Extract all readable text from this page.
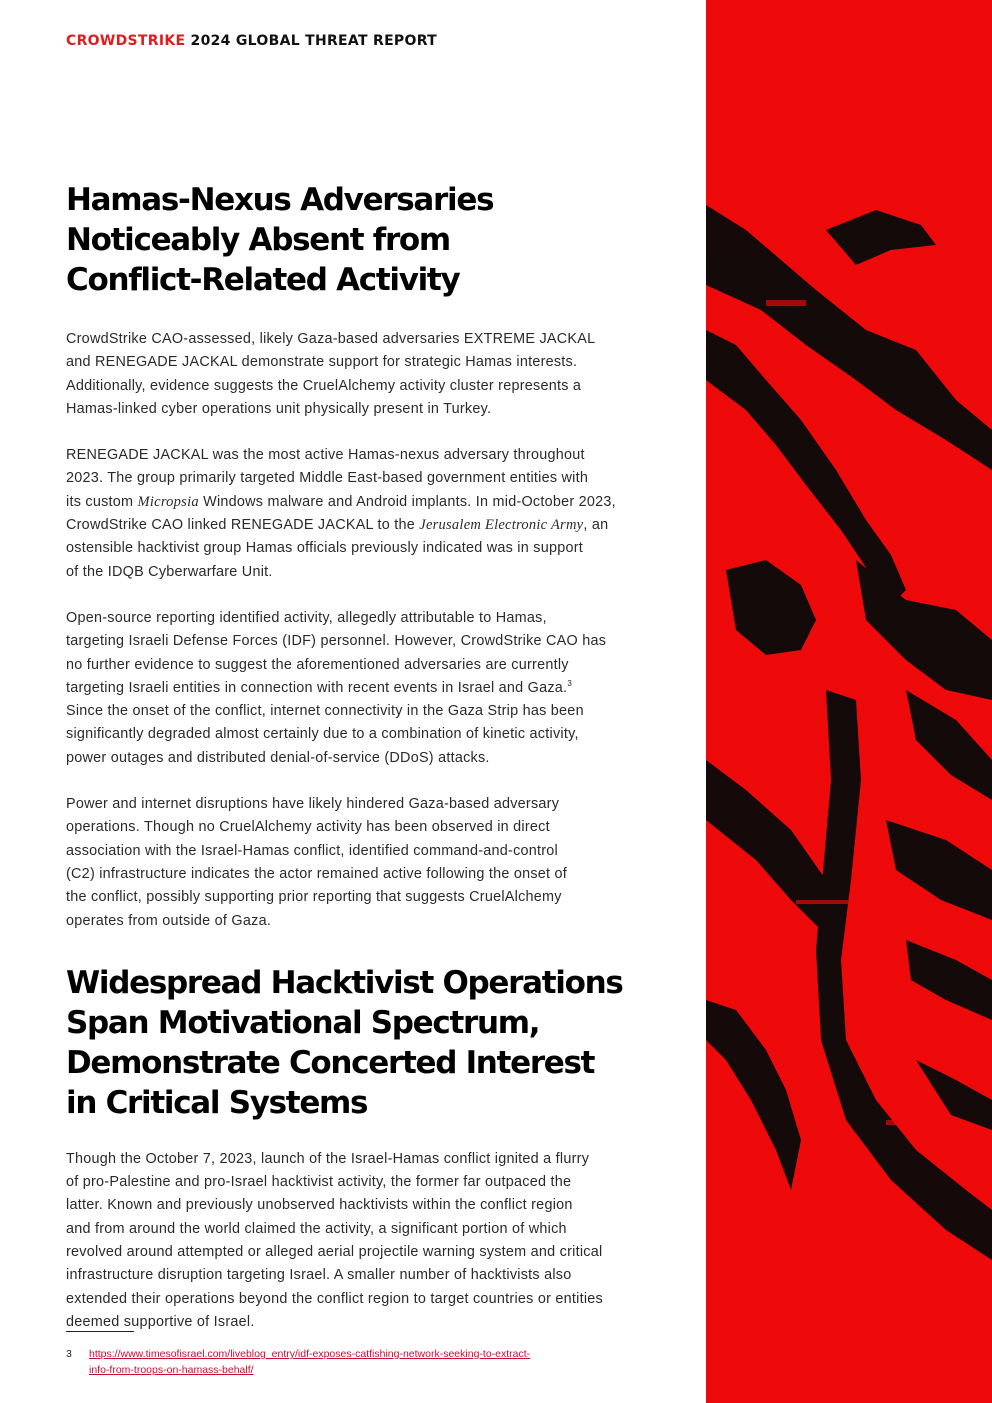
CROWDSTRIKE 2024 GLOBAL THREAT REPORT
Hamas-Nexus Adversaries
Noticeably Absent from
Conflict-Related Activity

CrowdStrike CAO-assessed, likely Gaza-based adversaries EXTREME JACKAL
and RENEGADE JACKAL demonstrate support for strategic Hamas interests.
Additionally, evidence suggests the CruelAlchemy activity cluster represents a
Hamas-linked cyber operations unit physically present in Turkey.

RENEGADE JACKAL was the most active Hamas-nexus adversary throughout
2023. The group primarily targeted Middle East-based government entities with
its custom Micropsia Windows malware and Android implants. In mid-October 2023,
CrowdStrike CAO linked RENEGADE JACKAL to the Jerusalem Electronic Army, an
ostensible hacktivist group Hamas officials previously indicated was in support
of the IDQB Cyberwarfare Unit.

Open-source reporting identified activity, allegedly attributable to Hamas,
targeting Israeli Defense Forces (IDF) personnel. However, CrowdStrike CAO has
no further evidence to suggest the aforementioned adversaries are currently
targeting Israeli entities in connection with recent events in Israel and Gaza.$^3$
Since the onset of the conflict, internet connectivity in the Gaza Strip has been
significantly degraded almost certainly due to a combination of kinetic activity,
power outages and distributed denial-of-service (DDoS) attacks.

Power and internet disruptions have likely hindered Gaza-based adversary
operations. Though no CruelAlchemy activity has been observed in direct
association with the Israel-Hamas conflict, identified command-and-control
(C2) infrastructure indicates the actor remained active following the onset of
the conflict, possibly supporting prior reporting that suggests CruelAlchemy
operates from outside of Gaza.

Widespread Hacktivist Operations
Span Motivational Spectrum,
Demonstrate Concerted Interest
in Critical Systems

Though the October 7, 2023, launch of the Israel-Hamas conflict ignited a flurry
of pro-Palestine and pro-Israel hacktivist activity, the former far outpaced the
latter. Known and previously unobserved hacktivists within the conflict region
and from around the world claimed the activity, a significant portion of which
revolved around attempted or alleged aerial projectile warning system and critical
infrastructure disruption targeting Israel. A smaller number of hacktivists also
extended their operations beyond the conflict region to target countries or entities
deemed supportive of Israel.

3 https://www.timesofisrael.com/liveblog_entry/idf-exposes-catfishing-network-seeking-to-extract-
info-from-troops-on-hamass-behalf/
